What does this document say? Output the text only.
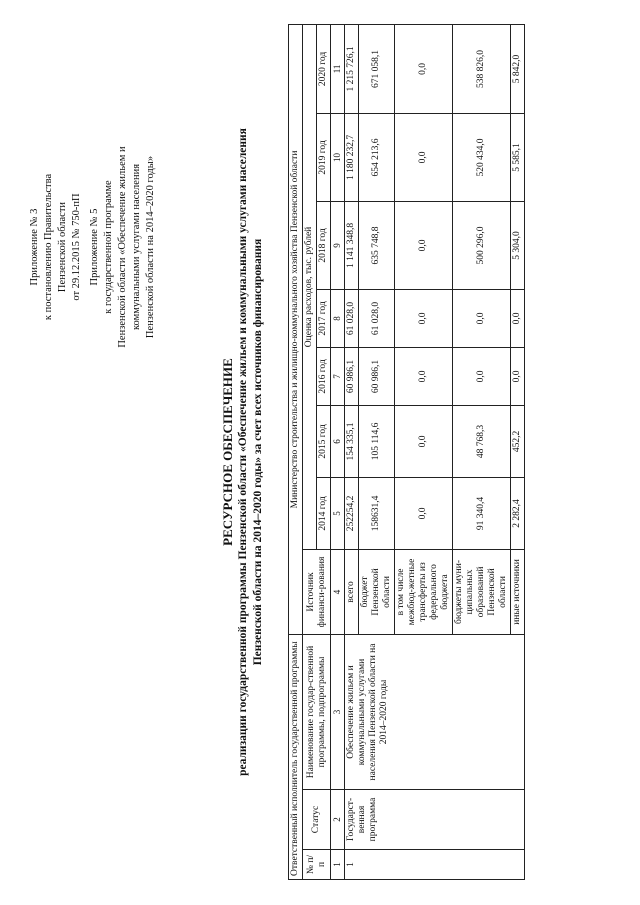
Приложение № 3 к постановлению Правительства Пензенской области от 29.12.2015 № 750-пП Приложение № 5 к государственной программе Пензенской области «Обеспечение жильем и коммунальными услугами населения Пензенской области на 2014–2020 годы»
РЕСУРСНОЕ ОБЕСПЕЧЕНИЕ реализации государственной программы Пензенской области «Обеспечение жильем и коммунальными услугами населения Пензенской области на 2014–2020 годы» за счет всех источников финансирования
Ответственный исполнитель государственной программы			Министерство строительства и жилищно-коммунального хозяйства Пензенской области							
№ п/п	Статус	Наименование государ-ственной программы, подпрограммы	Источник финанси-рования	Оценка расходов, тыс. рублей						
				2014 год	2015 год	2016 год	2017 год	2018 год	2019 год	2020 год
1	2	3	4	5	6	7	8	9	10	11
1	Государст-венная программа	Обеспечение жильем и коммунальными услугами населения Пензенской области на 2014–2020 годы	всего	252254,2	154 335,1	60 986,1	61 028,0	1 141 348,8	1 180 232,7	1 215 726,1
			бюджет Пензенской области	158631,4	105 114,6	60 986,1	61 028,0	635 748,8	654 213,6	671 058,1
			в том числе межбюд-жетные трансферты из федерального бюджета	0,0	0,0	0,0	0,0	0,0	0,0	0,0
			бюджеты муни-ципальных образований Пензенской области	91 340,4	48 768,3	0,0	0,0	500 296,0	520 434,0	538 826,0
			иные источники	2 282,4	452,2	0,0	0,0	5 304,0	5 585,1	5 842,0
